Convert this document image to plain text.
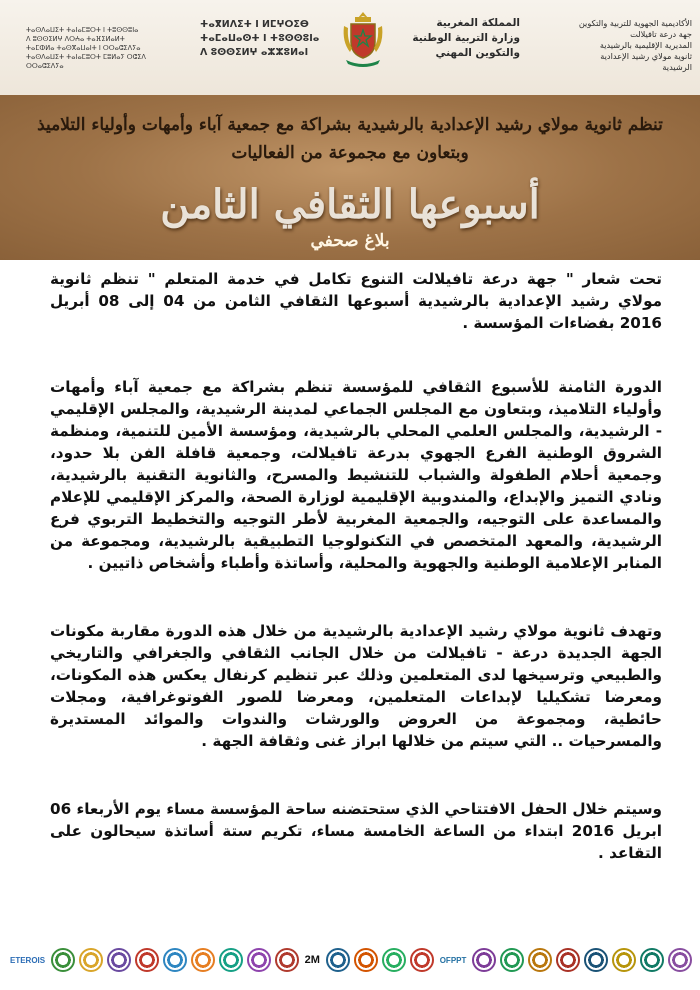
الأكاديمية الجهوية للتربية والتكوين
جهة درعة تافيلالت
المديرية الإقليمية بالرشيدية
ثانوية مولاي رشيد الإعدادية
الرشيدية
المملكة المغربية
وزارة التربية الوطنية
والتكوين المهني
ⵜⴰⴳⵍⴷⵉⵜ ⵏ ⵍⵎⵖⵔⵉⴱ
ⵜⴰⵎⴰⵡⴰⵙⵜ ⵏ ⵜⵓⵙⵙⵓⵏⴰ
ⴷ ⵓⵙⵙⵉⵍⵖ ⴰⵣⵣⵓⵍⴰⵏ
ⵜⴰⵙⴷⴰⵡⵉⵜ ⵜⴰⵏⴰⵎⵓⵔⵜ ⵏ ⵜⵓⵙⵙⵓⵏⴰ
ⴷ ⵓⵙⵙⵉⵍⵖ ⴷⵔⵄⴰ ⵜⴰⴼⵉⵍⴰⵍⵜ
ⵜⴰⵎⵀⵍⴰ ⵜⴰⵙⴳⴰⵡⴰⵏⵜ ⵏ ⵔⵔⴰⵛⵉⴷⵢⴰ
ⵜⴰⵙⴷⴰⵡⵉⵜ ⵜⴰⵏⴰⵎⵓⵔⵜ ⵎⵓⵍⴰⵢ ⵔⵛⵉⴷ
ⵔⵔⴰⵛⵉⴷⵢⴰ
تنظم ثانوية مولاي رشيد الإعدادية بالرشيدية بشراكة مع جمعية آباء وأمهات وأولياء التلاميذ
وبتعاون مع مجموعة من الفعاليات
أسبوعها الثقافي الثامن
بلاغ صحفي

تحت شعار " جهة درعة تافيلالت التنوع تكامل في خدمة المتعلم " تنظم ثانوية مولاي رشيد الإعدادية بالرشيدية أسبوعها الثقافي الثامن من 04 إلى 08 أبريل 2016 بفضاءات المؤسسة .

الدورة الثامنة للأسبوع الثقافي للمؤسسة تنظم بشراكة مع جمعية آباء وأمهات وأولياء التلاميذ، وبتعاون مع المجلس الجماعي لمدينة الرشيدية، والمجلس الإقليمي - الرشيدية، والمجلس العلمي المحلي بالرشيدية، ومؤسسة الأمين للتنمية، ومنظمة الشروق الوطنية الفرع الجهوي بدرعة تافيلالت، وجمعية قافلة الفن بلا حدود، وجمعية أحلام الطفولة والشباب للتنشيط والمسرح، والثانوية التقنية بالرشيدية، ونادي التميز والإبداع، والمندوبية الإقليمية لوزارة الصحة، والمركز الإقليمي للإعلام والمساعدة على التوجيه، والجمعية المغربية لأطر التوجيه والتخطيط التربوي فرع الرشيدية، والمعهد المتخصص في التكنولوجيا التطبيقية بالرشيدية، ومجموعة من المنابر الإعلامية الوطنية والجهوية والمحلية، وأساتذة وأطباء وأشخاص ذاتيين .

وتهدف ثانوية مولاي رشيد الإعدادية بالرشيدية من خلال هذه الدورة مقاربة مكونات الجهة الجديدة درعة - تافيلالت من خلال الجانب الثقافي والجغرافي والتاريخي والطبيعي وترسيخها لدى المتعلمين وذلك عبر تنظيم كرنفال يعكس هذه المكونات، ومعرضا تشكيليا لإبداعات المتعلمين، ومعرضا للصور الفوتوغرافية، ومجلات حائطية، ومجموعة من العروض والورشات والندوات والموائد المستديرة والمسرحيات .. التي سيتم من خلالها ابراز غنى وثقافة الجهة .

وسيتم خلال الحفل الافتتاحي الذي ستحتضنه ساحة المؤسسة مساء يوم الأربعاء 06 ابريل 2016 ابتداء من الساعة الخامسة مساء، تكريم ستة أساتذة سيحالون على التقاعد .

ETEROIS	2M	OFPPT
